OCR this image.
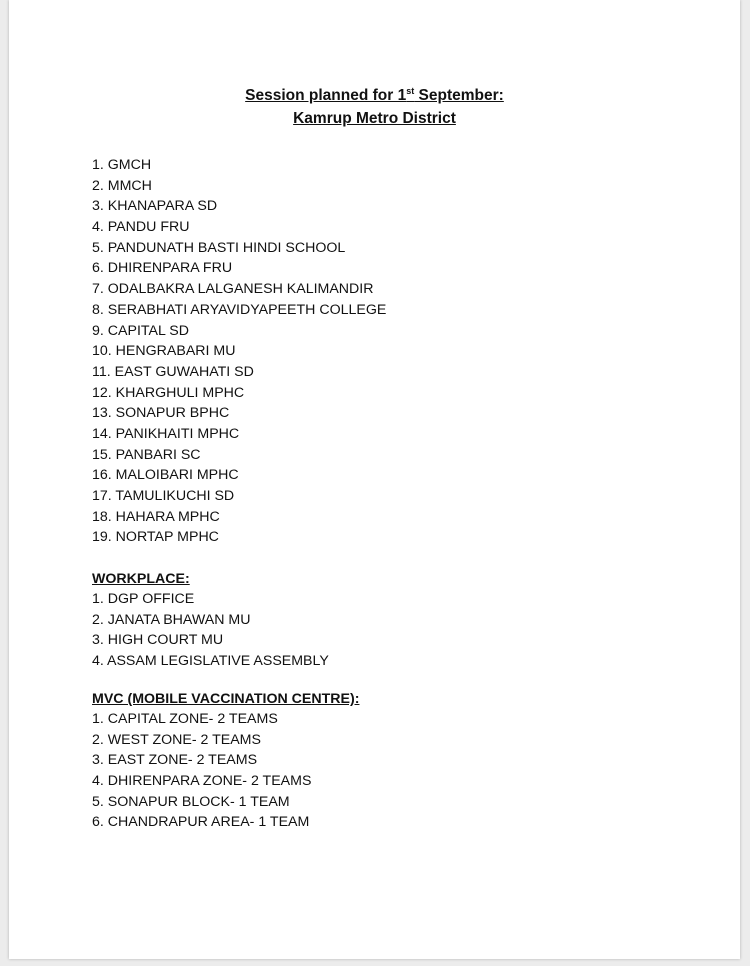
Session planned for 1st September:
Kamrup Metro District
1. GMCH
2. MMCH
3. KHANAPARA SD
4. PANDU FRU
5. PANDUNATH BASTI HINDI SCHOOL
6. DHIRENPARA FRU
7. ODALBAKRA LALGANESH KALIMANDIR
8. SERABHATI ARYAVIDYAPEETH COLLEGE
9. CAPITAL SD
10. HENGRABARI MU
11. EAST GUWAHATI SD
12. KHARGHULI MPHC
13. SONAPUR BPHC
14. PANIKHAITI MPHC
15. PANBARI SC
16. MALOIBARI MPHC
17. TAMULIKUCHI SD
18. HAHARA MPHC
19. NORTAP MPHC
WORKPLACE:
1. DGP OFFICE
2. JANATA BHAWAN MU
3. HIGH COURT MU
4. ASSAM LEGISLATIVE ASSEMBLY
MVC (MOBILE VACCINATION CENTRE):
1. CAPITAL ZONE- 2 TEAMS
2. WEST ZONE- 2 TEAMS
3. EAST ZONE- 2 TEAMS
4. DHIRENPARA ZONE- 2 TEAMS
5. SONAPUR BLOCK- 1 TEAM
6. CHANDRAPUR AREA- 1 TEAM
